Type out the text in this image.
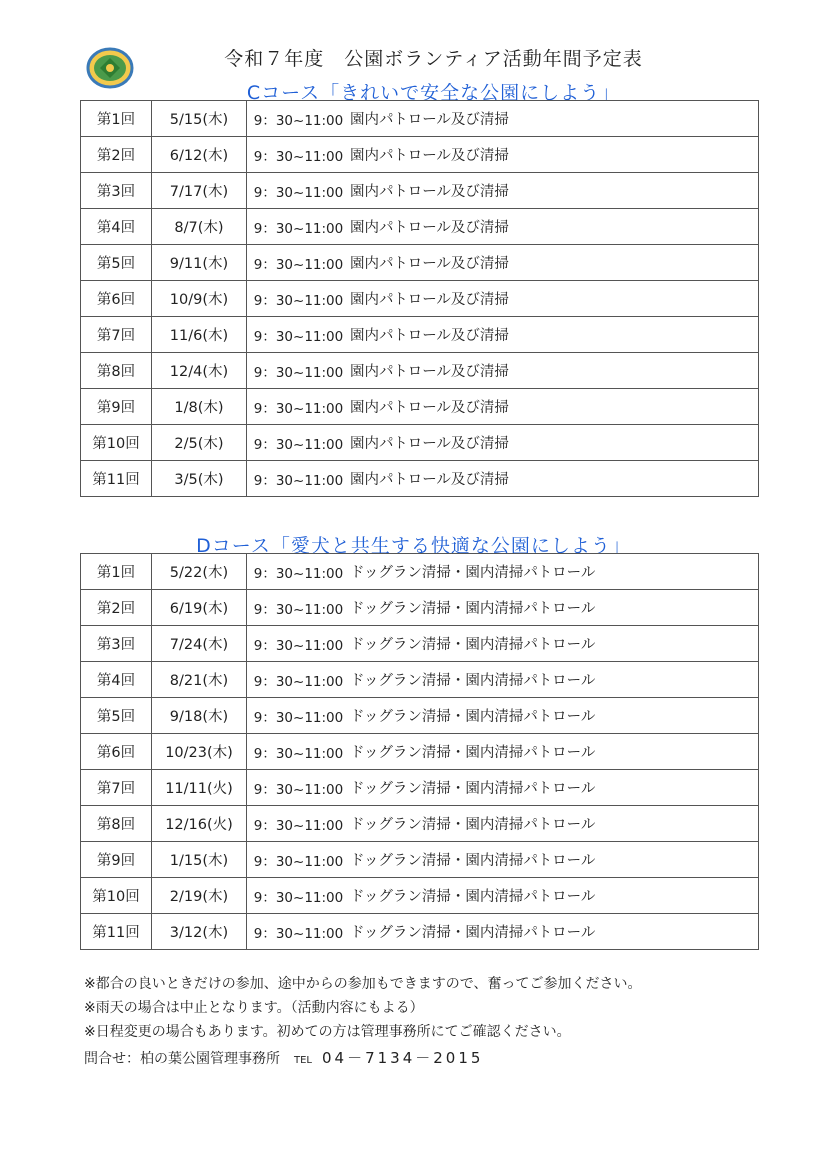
令和７年度　公園ボランティア活動年間予定表
Cコース「きれいで安全な公園にしよう」
第1回	5/15(木)	9：30~11:00	園内パトロール及び清掃
第2回	6/12(木)	9：30~11:00	園内パトロール及び清掃
第3回	7/17(木)	9：30~11:00	園内パトロール及び清掃
第4回	8/7(木)	9：30~11:00	園内パトロール及び清掃
第5回	9/11(木)	9：30~11:00	園内パトロール及び清掃
第6回	10/9(木)	9：30~11:00	園内パトロール及び清掃
第7回	11/6(木)	9：30~11:00	園内パトロール及び清掃
第8回	12/4(木)	9：30~11:00	園内パトロール及び清掃
第9回	1/8(木)	9：30~11:00	園内パトロール及び清掃
第10回	2/5(木)	9：30~11:00	園内パトロール及び清掃
第11回	3/5(木)	9：30~11:00	園内パトロール及び清掃
Dコース「愛犬と共生する快適な公園にしよう」
第1回	5/22(木)	9：30~11:00	ドッグラン清掃・園内清掃パトロール
第2回	6/19(木)	9：30~11:00	ドッグラン清掃・園内清掃パトロール
第3回	7/24(木)	9：30~11:00	ドッグラン清掃・園内清掃パトロール
第4回	8/21(木)	9：30~11:00	ドッグラン清掃・園内清掃パトロール
第5回	9/18(木)	9：30~11:00	ドッグラン清掃・園内清掃パトロール
第6回	10/23(木)	9：30~11:00	ドッグラン清掃・園内清掃パトロール
第7回	11/11(火)	9：30~11:00	ドッグラン清掃・園内清掃パトロール
第8回	12/16(火)	9：30~11:00	ドッグラン清掃・園内清掃パトロール
第9回	1/15(木)	9：30~11:00	ドッグラン清掃・園内清掃パトロール
第10回	2/19(木)	9：30~11:00	ドッグラン清掃・園内清掃パトロール
第11回	3/12(木)	9：30~11:00	ドッグラン清掃・園内清掃パトロール
※都合の良いときだけの参加、途中からの参加もできますので、奮ってご参加ください。
※雨天の場合は中止となります。（活動内容にもよる）
※日程変更の場合もあります。初めての方は管理事務所にてご確認ください。
問合せ：柏の葉公園管理事務所 TEL 04－7134－2015
